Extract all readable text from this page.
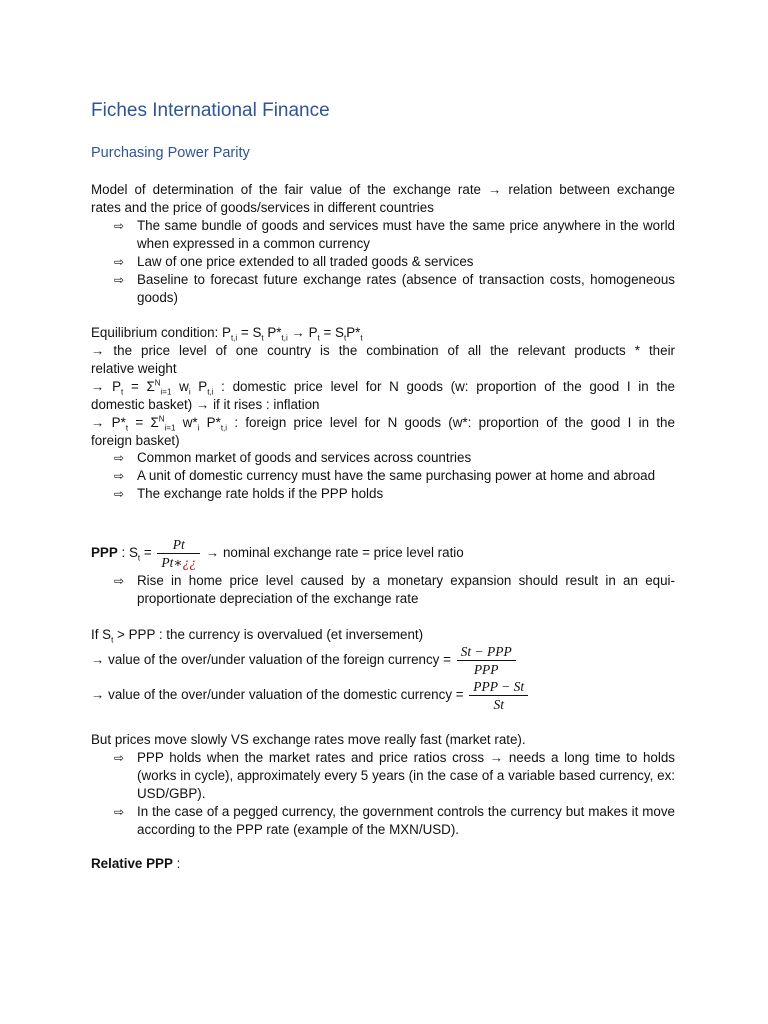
Fiches International Finance
Purchasing Power Parity
Model of determination of the fair value of the exchange rate → relation between exchange
rates and the price of goods/services in different countries
⇨ The same bundle of goods and services must have the same price anywhere in the world when expressed in a common currency
⇨ Law of one price extended to all traded goods & services
⇨ Baseline to forecast future exchange rates (absence of transaction costs, homogeneous goods)
Equilibrium condition: $P_{t,i} = S_t$ $P*_{t,i} \to P_t = S_tP*_t$
→ the price level of one country is the combination of all the relevant products * their
relative weight
→ $P_t = \Sigma^N_{i=1}$ $w_i$ $P_{t,i}$ : domestic price level for N goods (w: proportion of the good I in the
domestic basket) → if it rises : inflation
→ $P*_t = \Sigma^N_{i=1}$ $w*_i$ $P*_{t,i}$ : foreign price level for N goods (w*: proportion of the good I in the
foreign basket)
⇨ Common market of goods and services across countries
⇨ A unit of domestic currency must have the same purchasing power at home and abroad
⇨ The exchange rate holds if the PPP holds
PPP : $S_t = \frac{Pt}{Pt∗¿¿}$ → nominal exchange rate = price level ratio
⇨ Rise in home price level caused by a monetary expansion should result in an equi-proportionate depreciation of the exchange rate
If $S_t$ > PPP : the currency is overvalued (et inversement)
→ value of the over/under valuation of the foreign currency = $\frac{\text{St − PPP}}{\text{PPP}}$
→ value of the over/under valuation of the domestic currency = $\frac{\text{PPP − St}}{St}$
But prices move slowly VS exchange rates move really fast (market rate).
⇨ PPP holds when the market rates and price ratios cross → needs a long time to holds (works in cycle), approximately every 5 years (in the case of a variable based currency, ex: USD/GBP).
⇨ In the case of a pegged currency, the government controls the currency but makes it move according to the PPP rate (example of the MXN/USD).
Relative PPP :
